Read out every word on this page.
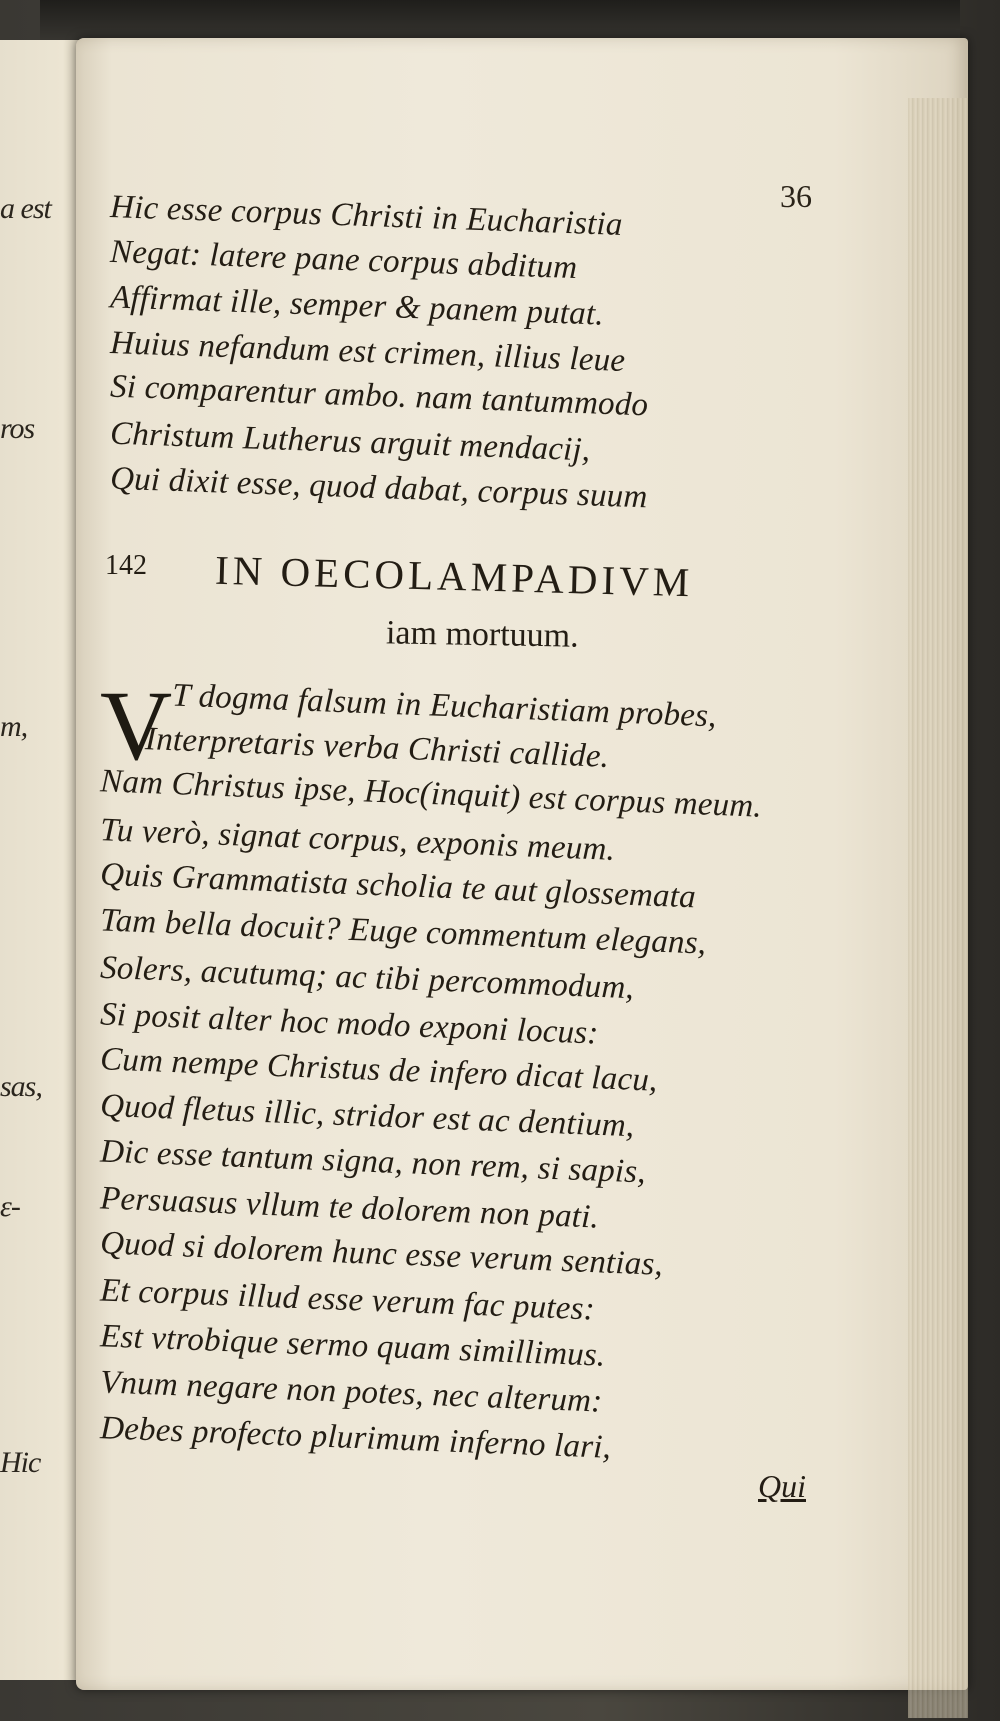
a est
ros
m,
sas,
ε-
Hic
36
Hic esse corpus Christi in Eucharistia
Negat: latere pane corpus abditum
Affirmat ille, semper & panem putat.
Huius nefandum est crimen, illius leue
Si comparentur ambo. nam tantummodo
Christum Lutherus arguit mendacij,
Qui dixit esse, quod dabat, corpus suum
142 IN OECOLAMPADIVM
iam mortuum.
V T dogma falsum in Eucharistiam probes,
Interpretaris verba Christi callide.
Nam Christus ipse, Hoc(inquit) est corpus meum.
Tu verò, signat corpus, exponis meum.
Quis Grammatista scholia te aut glossemata
Tam bella docuit? Euge commentum elegans,
Solers, acutumq; ac tibi percommodum,
Si posit alter hoc modo exponi locus:
Cum nempe Christus de infero dicat lacu,
Quod fletus illic, stridor est ac dentium,
Dic esse tantum signa, non rem, si sapis,
Persuasus vllum te dolorem non pati.
Quod si dolorem hunc esse verum sentias,
Et corpus illud esse verum fac putes:
Est vtrobique sermo quam simillimus.
Vnum negare non potes, nec alterum:
Debes profecto plurimum inferno lari,
Qui
